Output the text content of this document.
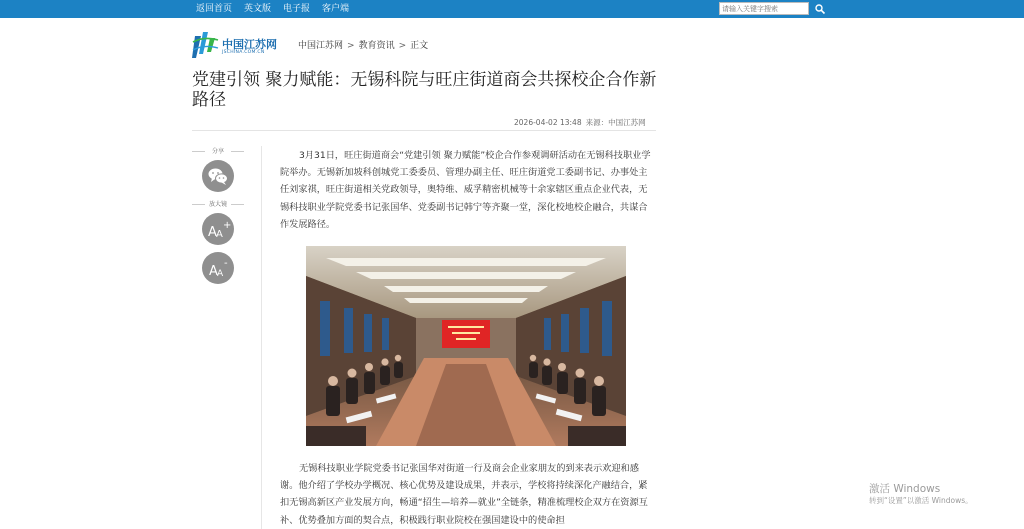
返回首页 英文版 电子报 客户端
请输入关键字搜索
中国江苏网
JSCHINA.COM.CN
中国江苏网 > 教育资讯 > 正文
党建引领 聚力赋能：无锡科院与旺庄街道商会共探校企合作新路径
2026-04-02 13:48 来源：中国江苏网
分享
放大镜
A A
+
A A
-

3月31日，旺庄街道商会“党建引领 聚力赋能”校企合作参观调研活动在无锡科技职业学院举办。无锡新加坡科创城党工委委员、管理办副主任、旺庄街道党工委副书记、办事处主任刘家祺，旺庄街道相关党政领导，奥特维、威孚精密机械等十余家辖区重点企业代表，无锡科技职业学院党委书记张国华、党委副书记韩宁等齐聚一堂，深化校地校企融合，共谋合作发展路径。

无锡科技职业学院党委书记张国华对街道一行及商会企业家朋友的到来表示欢迎和感谢。他介绍了学校办学概况、核心优势及建设成果，并表示，学校将持续深化产融结合，紧扣无锡高新区产业发展方向，畅通“招生—培养—就业”全链条，精准梳理校企双方在资源互补、优势叠加方面的契合点，积极践行职业院校在强国建设中的使命担

激活 Windows
转到“设置”以激活 Windows。
